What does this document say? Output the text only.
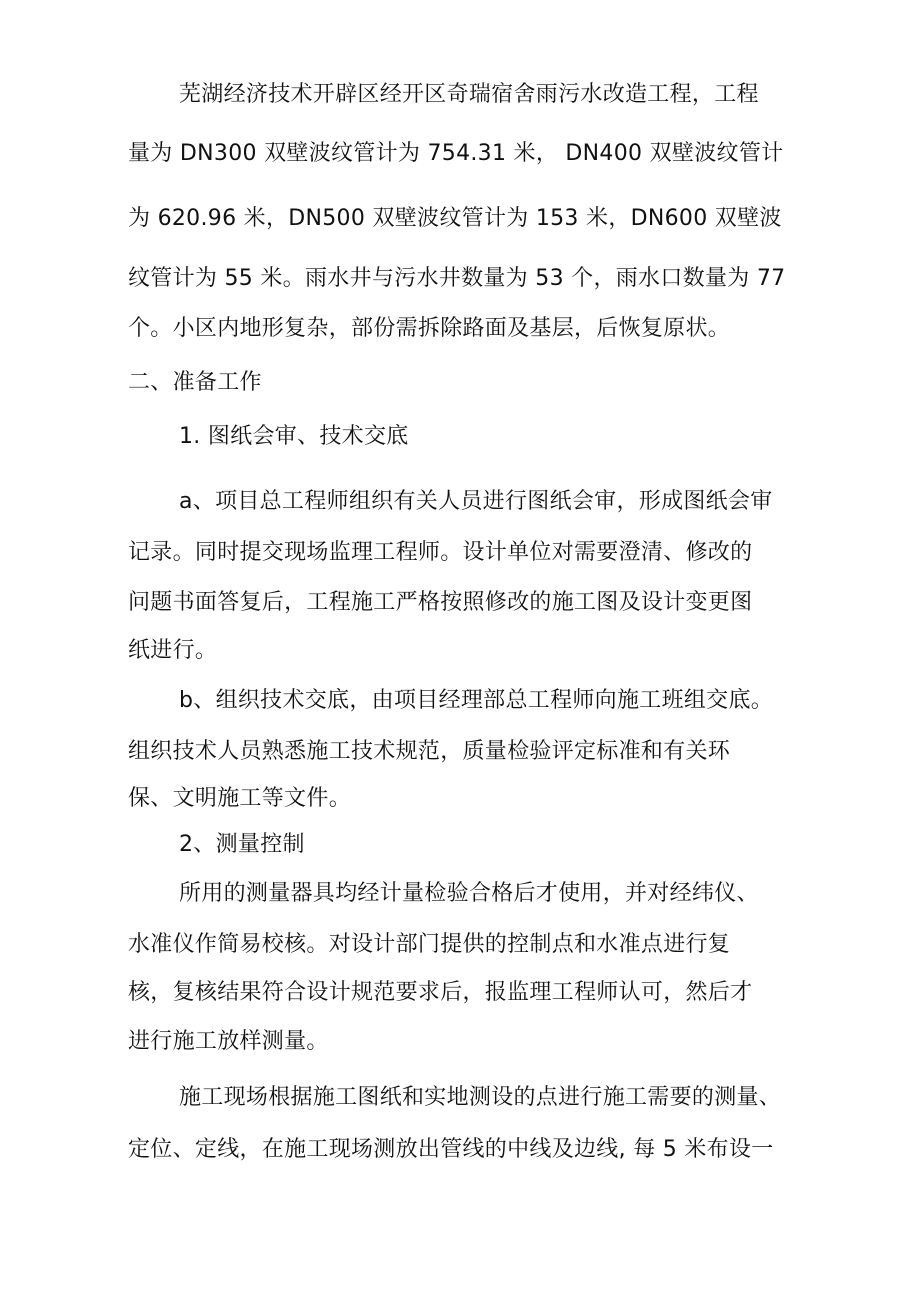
芜湖经济技术开辟区经开区奇瑞宿舍雨污水改造工程，工程
量为 DN300 双壁波纹管计为 754.31 米， DN400 双壁波纹管计
为 620.96 米，DN500 双壁波纹管计为 153 米，DN600 双壁波
纹管计为 55 米。雨水井与污水井数量为 53 个，雨水口数量为 77
个。小区内地形复杂，部份需拆除路面及基层，后恢复原状。
二、准备工作
1. 图纸会审、技术交底
a、项目总工程师组织有关人员进行图纸会审，形成图纸会审
记录。同时提交现场监理工程师。设计单位对需要澄清、修改的
问题书面答复后，工程施工严格按照修改的施工图及设计变更图
纸进行。
b、组织技术交底，由项目经理部总工程师向施工班组交底。
组织技术人员熟悉施工技术规范，质量检验评定标准和有关环
保、文明施工等文件。
2、测量控制
所用的测量器具均经计量检验合格后才使用，并对经纬仪、
水准仪作简易校核。对设计部门提供的控制点和水准点进行复
核，复核结果符合设计规范要求后，报监理工程师认可，然后才
进行施工放样测量。
施工现场根据施工图纸和实地测设的点进行施工需要的测量、
定位、定线，在施工现场测放出管线的中线及边线, 每 5 米布设一
